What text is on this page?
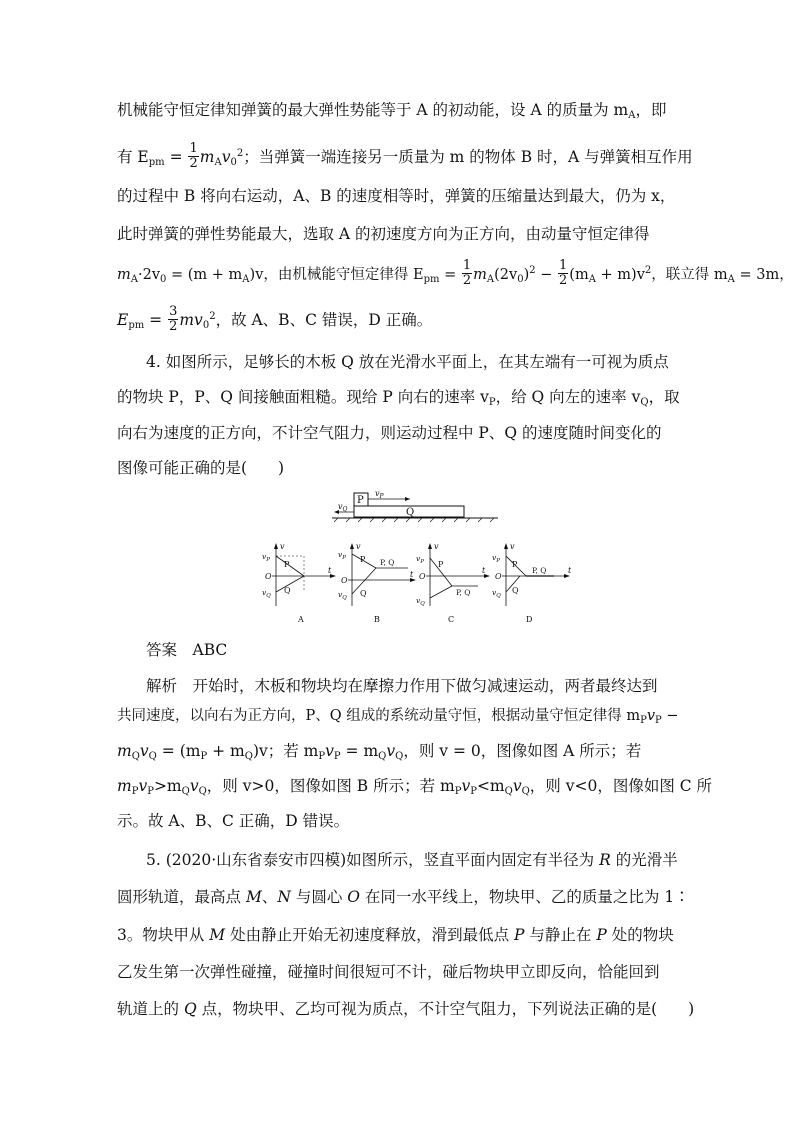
机械能守恒定律知弹簧的最大弹性势能等于 A 的初动能，设 A 的质量为 $m_A$，即
有 $E_{pm} = \frac{1}{2} m_Av_0^2$；当弹簧一端连接另一质量为 m 的物体 B 时，A 与弹簧相互作用
的过程中 B 将向右运动，A、B 的速度相等时，弹簧的压缩量达到最大，仍为 x，
此时弹簧的弹性势能最大，选取 A 的初速度方向为正方向，由动量守恒定律得
$m_A\cdot 2v_0 = (m + m_A)v$，由机械能守恒定律得 $E_{pm} = \frac{1}{2} m_A(2v_0)^2 - \frac{1}{2} (m_A + m)v^2$，联立得 $m_A = 3m$，
$E_{pm} = \frac{3}{2} mv_0^2$，故 A、B、C 错误，D 正确。
4. 如图所示，足够长的木板 Q 放在光滑水平面上，在其左端有一可视为质点
的物块 P，P、Q 间接触面粗糙。现给 P 向右的速率 $v_P$，给 Q 向左的速率 $v_Q$，取
向右为速度的正方向，不计空气阻力，则运动过程中 P、Q 的速度随时间变化的
图像可能正确的是(　　)
P
$v_P$
Q
$v_Q$
v
$v_P$
O
$v_Q$
t
P
Q
A
v
$v_P$
O
$v_Q$
t
P P, Q
Q
B
v
$v_P$
O
$v_Q$
t
P
P, Q
C
v
$v_P$
O
$v_Q$
t
P
P, Q
Q
D
答案　 ABC
解析　 开始时，木板和物块均在摩擦力作用下做匀减速运动，两者最终达到
共同速度，以向右为正方向，P、Q 组成的系统动量守恒，根据动量守恒定律得 $m_Pv_P$ −
$m_Qv_Q = (m_P + m_Q)v$；若 $m_Pv_P = m_Qv_Q$，则 v = 0，图像如图 A 所示；若
$m_Pv_P>m_Qv_Q$，则 v>0，图像如图 B 所示；若 $m_Pv_P<m_Qv_Q$，则 v<0，图像如图 C 所
示。故 A、B、C 正确，D 错误。
5. (2020·山东省泰安市四模)如图所示，竖直平面内固定有半径为 R 的光滑半
圆形轨道，最高点 M、N 与圆心 O 在同一水平线上，物块甲、乙的质量之比为 1∶
3。物块甲从 M 处由静止开始无初速度释放，滑到最低点 P 与静止在 P 处的物块
乙发生第一次弹性碰撞，碰撞时间很短可不计，碰后物块甲立即反向，恰能回到
轨道上的 Q 点，物块甲、乙均可视为质点，不计空气阻力，下列说法正确的是(　　)
